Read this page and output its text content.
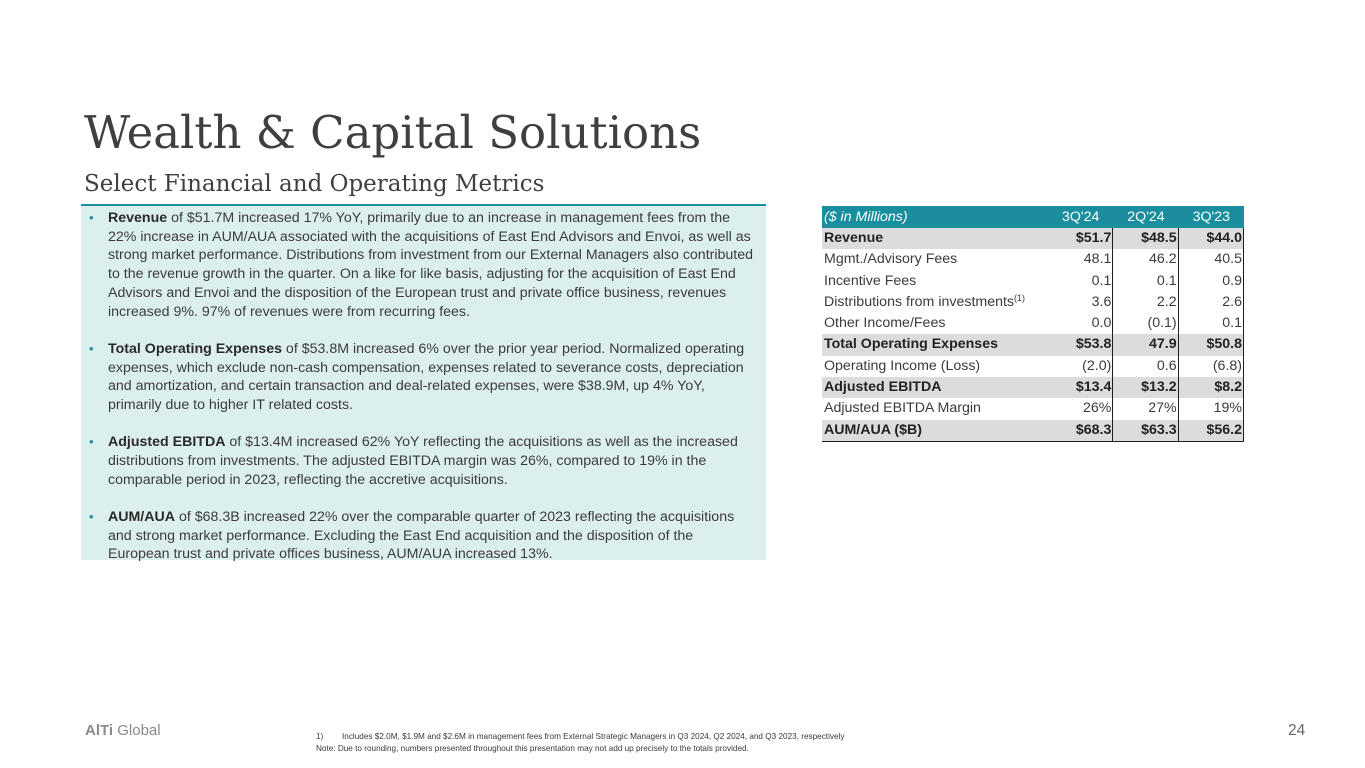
Wealth & Capital Solutions
Select Financial and Operating Metrics
• Revenue of $51.7M increased 17% YoY, primarily due to an increase in management fees from the 22% increase in AUM/AUA associated with the acquisitions of East End Advisors and Envoi, as well as strong market performance. Distributions from investment from our External Managers also contributed to the revenue growth in the quarter. On a like for like basis, adjusting for the acquisition of East End Advisors and Envoi and the disposition of the European trust and private office business, revenues increased 9%. 97% of revenues were from recurring fees.
• Total Operating Expenses of $53.8M increased 6% over the prior year period. Normalized operating expenses, which exclude non-cash compensation, expenses related to severance costs, depreciation and amortization, and certain transaction and deal-related expenses, were $38.9M, up 4% YoY, primarily due to higher IT related costs.
• Adjusted EBITDA of $13.4M increased 62% YoY reflecting the acquisitions as well as the increased distributions from investments. The adjusted EBITDA margin was 26%, compared to 19% in the comparable period in 2023, reflecting the accretive acquisitions.
• AUM/AUA of $68.3B increased 22% over the comparable quarter of 2023 reflecting the acquisitions and strong market performance. Excluding the East End acquisition and the disposition of the European trust and private offices business, AUM/AUA increased 13%.
($ in Millions)	3Q'24	2Q'24	3Q'23
Revenue	$51.7	$48.5	$44.0
Mgmt./Advisory Fees	48.1	46.2	40.5
Incentive Fees	0.1	0.1	0.9
Distributions from investments$^{(1)}$	3.6	2.2	2.6
Other Income/Fees	0.0	(0.1)	0.1
Total Operating Expenses	$53.8	47.9	$50.8
Operating Income (Loss)	(2.0)	0.6	(6.8)
Adjusted EBITDA	$13.4	$13.2	$8.2
Adjusted EBITDA Margin	26%	27%	19%
AUM/AUA ($B)	$68.3	$63.3	$56.2
AlTi Global	1) Includes $2.0M, $1.9M and $2.6M in management fees from External Strategic Managers in Q3 2024, Q2 2024, and Q3 2023, respectively
Note: Due to rounding, numbers presented throughout this presentation may not add up precisely to the totals provided.
24
